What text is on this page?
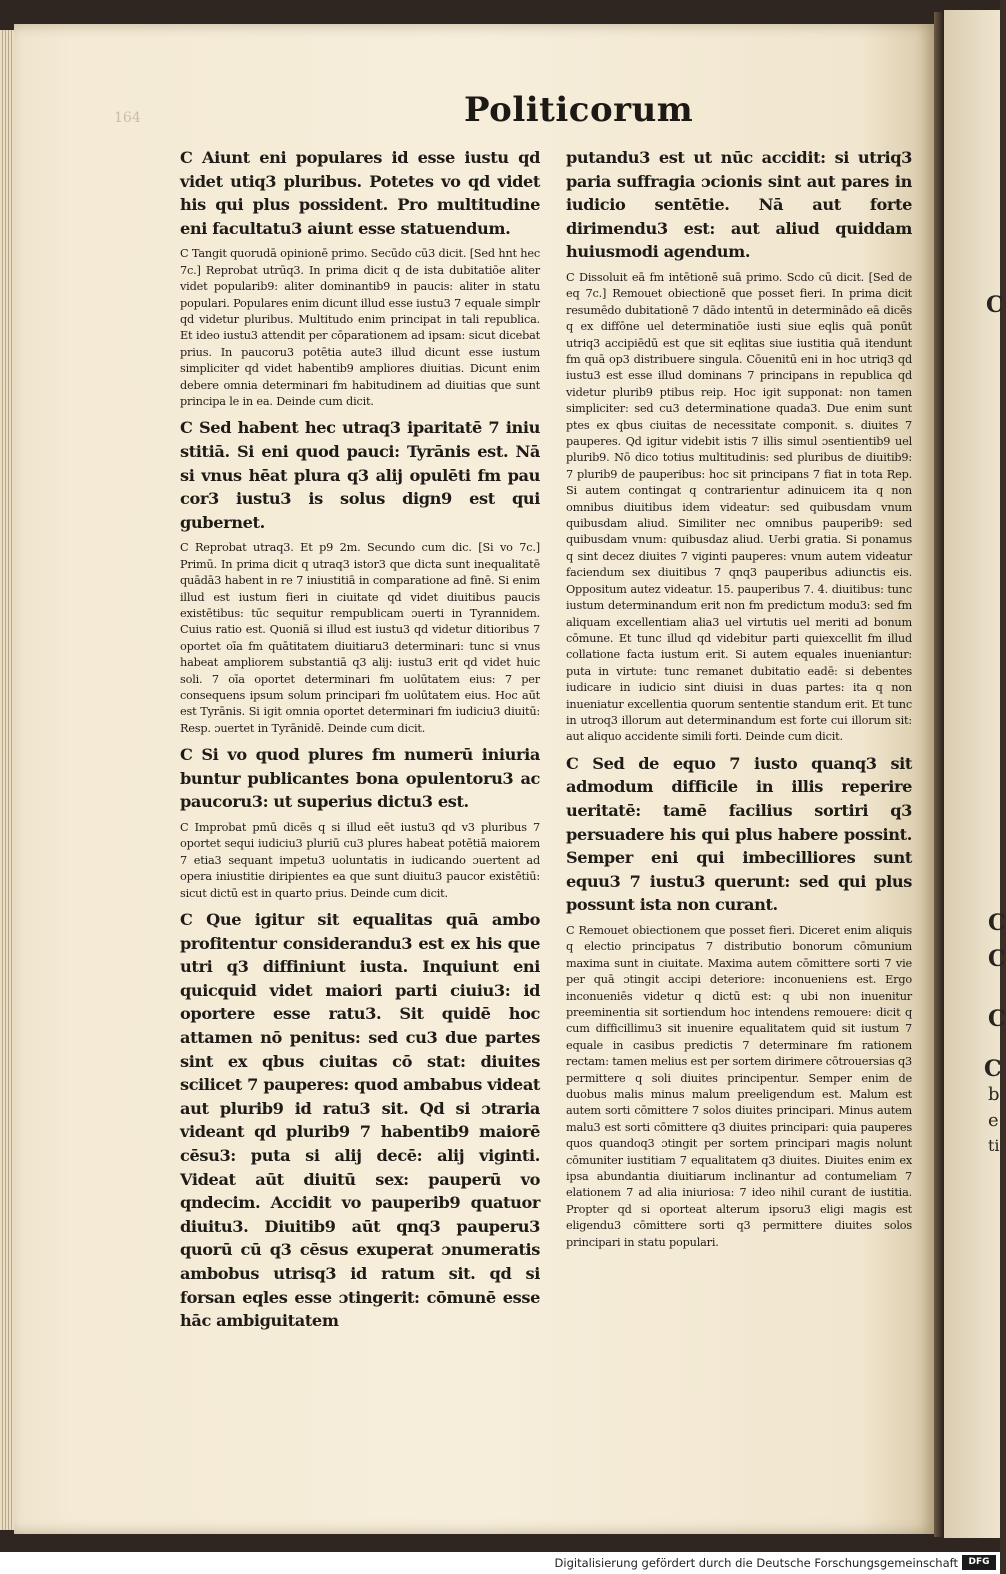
C
C
C
C
C
b
e
ti
164	Politicorum

C Aiunt eni populares id esse iustu qd videt utiq3 pluribus. Potetes vo qd videt his qui plus possident. Pro multitudine eni facultatu3 aiunt esse statuendum.

C Tangit quorudā opinionē primo. Secūdo cū3 dicit. [Sed hnt hec 7c.] Reprobat utrūq3. In prima dicit q de ista dubitatiōe aliter videt popularib9: aliter dominantib9 in paucis: aliter in statu populari. Populares enim dicunt illud esse iustu3 7 equale simplr qd videtur pluribus. Multitudo enim principat in tali republica. Et ideo iustu3 attendit per cōparationem ad ipsam: sicut dicebat prius. In paucoru3 potētia aute3 illud dicunt esse iustum simpliciter qd videt habentib9 ampliores diuitias. Dicunt enim debere omnia determinari fm habitudinem ad diuitias que sunt principa le in ea. Deinde cum dicit.

C Sed habent hec utraq3 iparitatē 7 iniu stitiā. Si eni quod pauci: Tyrānis est. Nā si vnus hēat plura q3 alij opulēti fm pau cor3 iustu3 is solus dign9 est qui gubernet.

C Reprobat utraq3. Et p9 2m. Secundo cum dic. [Si vo 7c.] Primū. In prima dicit q utraq3 istor3 que dicta sunt inequalitatē quādā3 habent in re 7 iniustitiā in comparatione ad finē. Si enim illud est iustum fieri in ciuitate qd videt diuitibus paucis existētibus: tūc sequitur rempublicam ɔuerti in Tyrannidem. Cuius ratio est. Quoniā si illud est iustu3 qd videtur ditioribus 7 oportet oīa fm quātitatem diuitiaru3 determinari: tunc si vnus habeat ampliorem substantiā q3 alij: iustu3 erit qd videt huic soli. 7 oīa oportet determinari fm uolūtatem eius: 7 per consequens ipsum solum principari fm uolūtatem eius. Hoc aūt est Tyrānis. Si igit omnia oportet determinari fm iudiciu3 diuitū: Resp. ɔuertet in Tyrānidē. Deinde cum dicit.

C Si vo quod plures fm numerū iniuria buntur publicantes bona opulentoru3 ac paucoru3: ut superius dictu3 est.

C Improbat pmū dicēs q si illud eēt iustu3 qd v3 pluribus 7 oportet sequi iudiciu3 pluriū cu3 plures habeat potētiā maiorem 7 etia3 sequant impetu3 uoluntatis in iudicando ɔuertent ad opera iniustitie diripientes ea que sunt diuitu3 paucor existētiū: sicut dictū est in quarto prius. Deinde cum dicit.

C Que igitur sit equalitas quā ambo profitentur considerandu3 est ex his que utri q3 diffiniunt iusta. Inquiunt eni quicquid videt maiori parti ciuiu3: id oportere esse ratu3. Sit quidē hoc attamen nō penitus: sed cu3 due partes sint ex qbus ciuitas cō stat: diuites scilicet 7 pauperes: quod ambabus videat aut plurib9 id ratu3 sit. Qd si ɔtraria videant qd plurib9 7 habentib9 maiorē cēsu3: puta si alij decē: alij viginti. Videat aūt diuitū sex: pauperū vo qndecim. Accidit vo pauperib9 quatuor diuitu3. Diuitib9 aūt qnq3 pauperu3 quorū cū q3 cēsus exuperat ɔnumeratis ambobus utrisq3 id ratum sit. qd si forsan eqles esse ɔtingerit: cōmunē esse hāc ambiguitatem

putandu3 est ut nūc accidit: si utriq3 paria suffragia ɔcionis sint aut pares in iudicio sentētie. Nā aut forte dirimendu3 est: aut aliud quiddam huiusmodi agendum.

C Dissoluit eā fm intētionē suā primo. Scdo cū dicit. [Sed de eq 7c.] Remouet obiectionē que posset fieri. In prima dicit resumēdo dubitationē 7 dādo intentū in determinādo eā dicēs q ex diffōne uel determinatiōe iusti siue eqlis quā ponūt utriq3 accipiēdū est que sit eqlitas siue iustitia quā itendunt fm quā op3 distribuere singula. Cōuenitū eni in hoc utriq3 qd iustu3 est esse illud dominans 7 principans in republica qd videtur plurib9 ptibus reip. Hoc igit supponat: non tamen simpliciter: sed cu3 determinatione quada3. Due enim sunt ptes ex qbus ciuitas de necessitate componit. s. diuites 7 pauperes. Qd igitur videbit istis 7 illis simul ɔsentientib9 uel plurib9. Nō dico totius multitudinis: sed pluribus de diuitib9: 7 plurib9 de pauperibus: hoc sit principans 7 fiat in tota Rep. Si autem contingat q contrarientur adinuicem ita q non omnibus diuitibus idem videatur: sed quibusdam vnum quibusdam aliud. Similiter nec omnibus pauperib9: sed quibusdam vnum: quibusdaz aliud. Uerbi gratia. Si ponamus q sint decez diuites 7 viginti pauperes: vnum autem videatur faciendum sex diuitibus 7 qnq3 pauperibus adiunctis eis. Oppositum autez videatur. 15. pauperibus 7. 4. diuitibus: tunc iustum determinandum erit non fm predictum modu3: sed fm aliquam excellentiam alia3 uel virtutis uel meriti ad bonum cōmune. Et tunc illud qd videbitur parti quiexcellit fm illud collatione facta iustum erit. Si autem equales inueniantur: puta in virtute: tunc remanet dubitatio eadē: si debentes iudicare in iudicio sint diuisi in duas partes: ita q non inueniatur excellentia quorum sententie standum erit. Et tunc in utroq3 illorum aut determinandum est forte cui illorum sit: aut aliquo accidente simili forti. Deinde cum dicit.

C Sed de equo 7 iusto quanq3 sit admodum difficile in illis reperire ueritatē: tamē facilius sortiri q3 persuadere his qui plus habere possint. Semper eni qui imbecilliores sunt equu3 7 iustu3 querunt: sed qui plus possunt ista non curant.

C Remouet obiectionem que posset fieri. Diceret enim aliquis q electio principatus 7 distributio bonorum cōmunium maxima sunt in ciuitate. Maxima autem cōmittere sorti 7 vie per quā ɔtingit accipi deteriore: inconueniens est. Ergo inconueniēs videtur q dictū est: q ubi non inuenitur preeminentia sit sortiendum hoc intendens remouere: dicit q cum difficillimu3 sit inuenire equalitatem quid sit iustum 7 equale in casibus predictis 7 determinare fm rationem rectam: tamen melius est per sortem dirimere cōtrouersias q3 permittere q soli diuites principentur. Semper enim de duobus malis minus malum preeligendum est. Malum est autem sorti cōmittere 7 solos diuites principari. Minus autem malu3 est sorti cōmittere q3 diuites principari: quia pauperes quos quandoq3 ɔtingit per sortem principari magis nolunt cōmuniter iustitiam 7 equalitatem q3 diuites. Diuites enim ex ipsa abundantia diuitiarum inclinantur ad contumeliam 7 elationem 7 ad alia iniuriosa: 7 ideo nihil curant de iustitia. Propter qd si oporteat alterum ipsoru3 eligi magis est eligendu3 cōmittere sorti q3 permittere diuites solos principari in statu populari.

Digitalisierung gefördert durch die Deutsche Forschungsgemeinschaft	DFG
